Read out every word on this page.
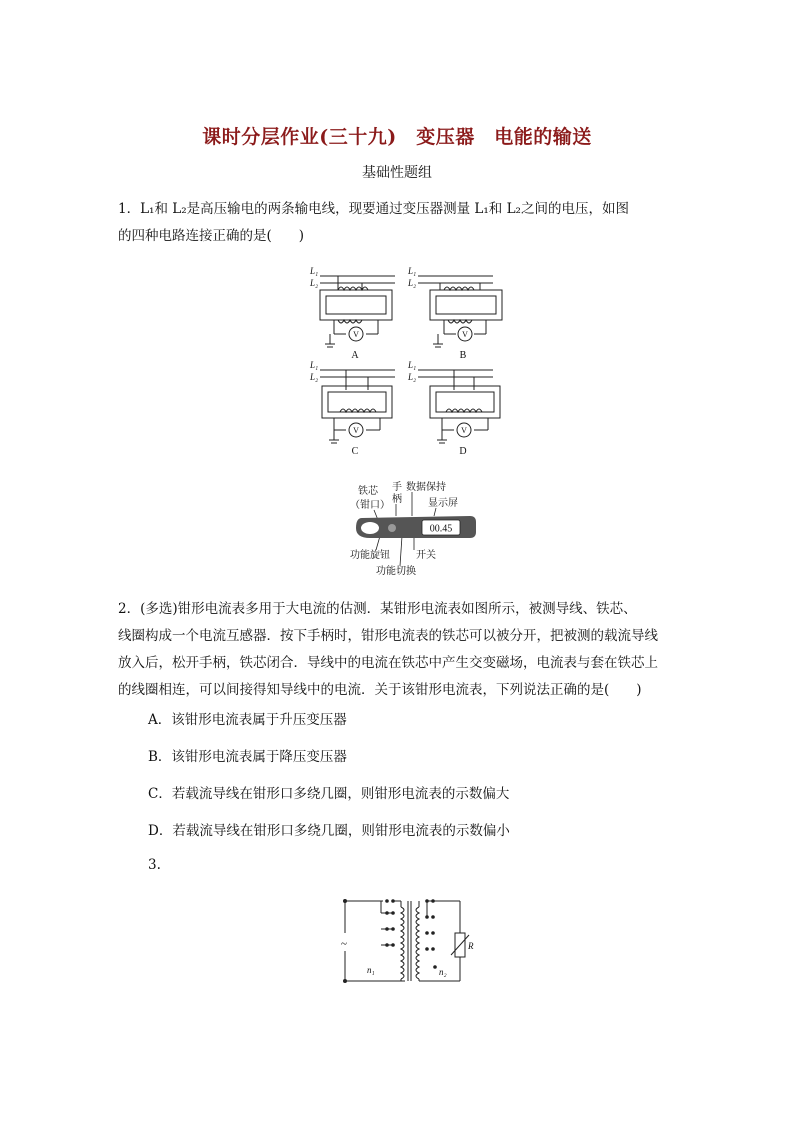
课时分层作业(三十九)　变压器　电能的输送
基础性题组

1．L₁和 L₂是高压输电的两条输电线，现要通过变压器测量 L₁和 L₂之间的电压，如图

的四种电路连接正确的是(　　)

L₁
L₂
L₁
L₂
L₁
L₂
L₁
L₂
V	V
V	V
A	B
C	D
铁芯
（钳口）
手
柄
数据保持
显示屏
功能旋钮	开关
功能切换
00.45

2．(多选)钳形电流表多用于大电流的估测．某钳形电流表如图所示，被测导线、铁芯、

线圈构成一个电流互感器．按下手柄时，钳形电流表的铁芯可以被分开，把被测的载流导线

放入后，松开手柄，铁芯闭合．导线中的电流在铁芯中产生交变磁场，电流表与套在铁芯上

的线圈相连，可以间接得知导线中的电流．关于该钳形电流表，下列说法正确的是(　　)

A．该钳形电流表属于升压变压器
B．该钳形电流表属于降压变压器
C．若载流导线在钳形口多绕几圈，则钳形电流表的示数偏大
D．若载流导线在钳形口多绕几圈，则钳形电流表的示数偏小
3.
~
n₁	n₂
R
